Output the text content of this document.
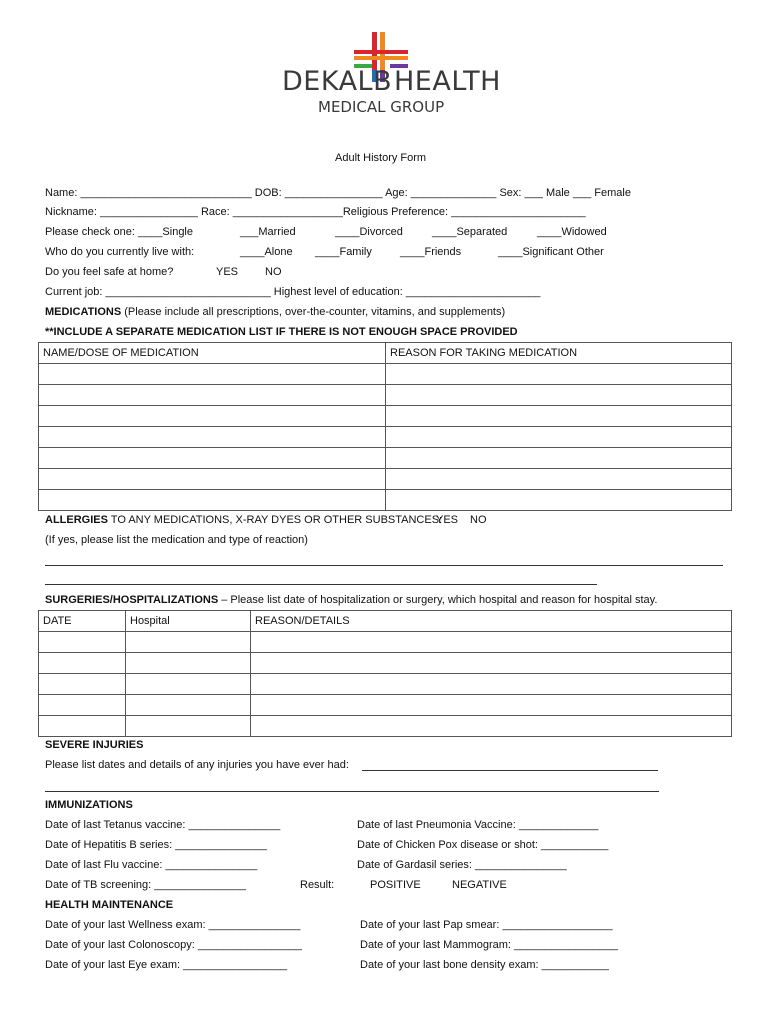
DEKALB HEALTH
MEDICAL GROUP
Adult History Form
Name: ____________________________ DOB: ________________ Age: ______________ Sex: ___ Male ___ Female
Nickname: ________________ Race: __________________Religious Preference: ______________________
Please check one: ____Single	___Married	____Divorced	____Separated	____Widowed
Who do you currently live with:	____Alone ____Family	____Friends	____Significant Other
Do you feel safe at home?	YES NO
Current job: ___________________________ Highest level of education: ______________________
MEDICATIONS (Please include all prescriptions, over-the-counter, vitamins, and supplements)
**INCLUDE A SEPARATE MEDICATION LIST IF THERE IS NOT ENOUGH SPACE PROVIDED
NAME/DOSE OF MEDICATION	REASON FOR TAKING MEDICATION

ALLERGIES TO ANY MEDICATIONS, X-RAY DYES OR OTHER SUBSTANCES:
YES NO
(If yes, please list the medication and type of reaction)
SURGERIES/HOSPITALIZATIONS – Please list date of hospitalization or surgery, which hospital and reason for hospital stay.
DATE	Hospital	REASON/DETAILS

SEVERE INJURIES
Please list dates and details of any injuries you have ever had:
IMMUNIZATIONS
Date of last Tetanus vaccine: _______________	Date of last Pneumonia Vaccine: _____________
Date of Hepatitis B series: _______________	Date of Chicken Pox disease or shot: ___________
Date of last Flu vaccine: _______________	Date of Gardasil series: _______________
Date of TB screening: _______________	Result:	POSITIVE	NEGATIVE
HEALTH MAINTENANCE
Date of your last Wellness exam: _______________	Date of your last Pap smear: __________________
Date of your last Colonoscopy: _________________	Date of your last Mammogram: _________________
Date of your last Eye exam: _________________	Date of your last bone density exam: ___________
